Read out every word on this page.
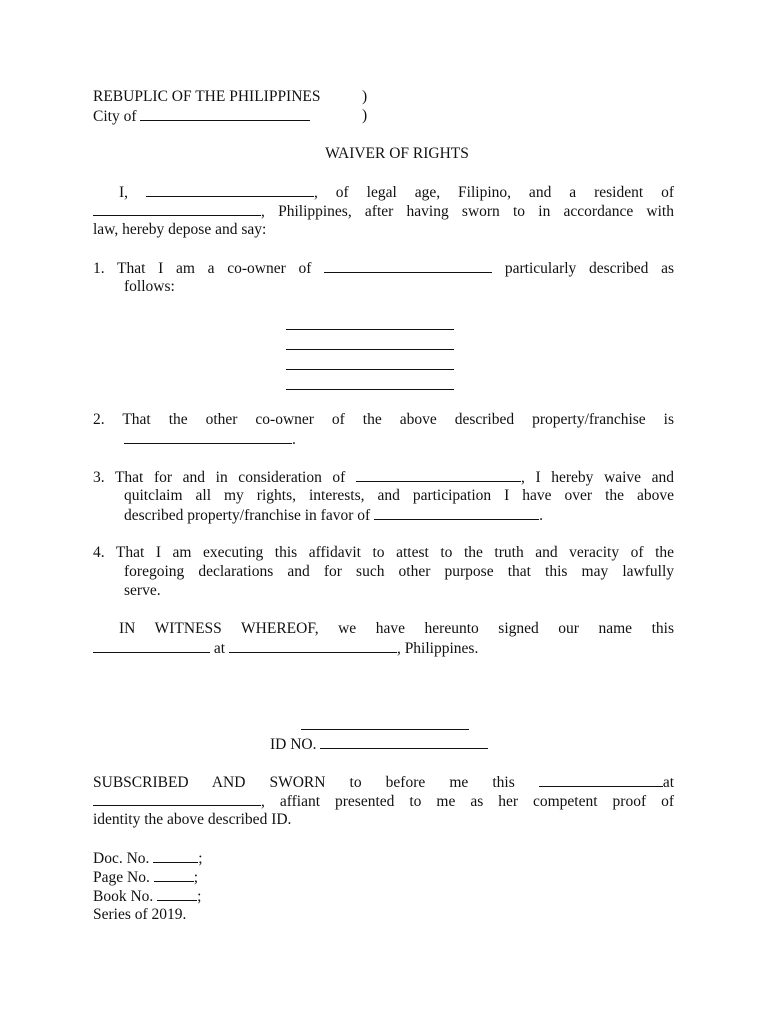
REBUPLIC OF THE PHILIPPINES	)
City of	)
WAIVER OF RIGHTS
I,	, of legal age, Filipino, and a resident of
, Philippines, after having sworn to in accordance with
law, hereby depose and say:
1. That I am a co-owner of	particularly described as
follows:
2. That the other co-owner of the above described property/franchise is
.
3. That for and in consideration of	, I hereby waive and
quitclaim all my rights, interests, and participation I have over the above
described property/franchise in favor of	.
4. That I am executing this affidavit to attest to the truth and veracity of the
foregoing declarations and for such other purpose that this may lawfully
serve.
IN WITNESS WHEREOF, we have hereunto signed our name this
at	, Philippines.
ID NO.
SUBSCRIBED AND SWORN to before me this	at
, affiant presented to me as her competent proof of
identity the above described ID.
Doc. No.	;
Page No.	;
Book No.	;
Series of 2019.
